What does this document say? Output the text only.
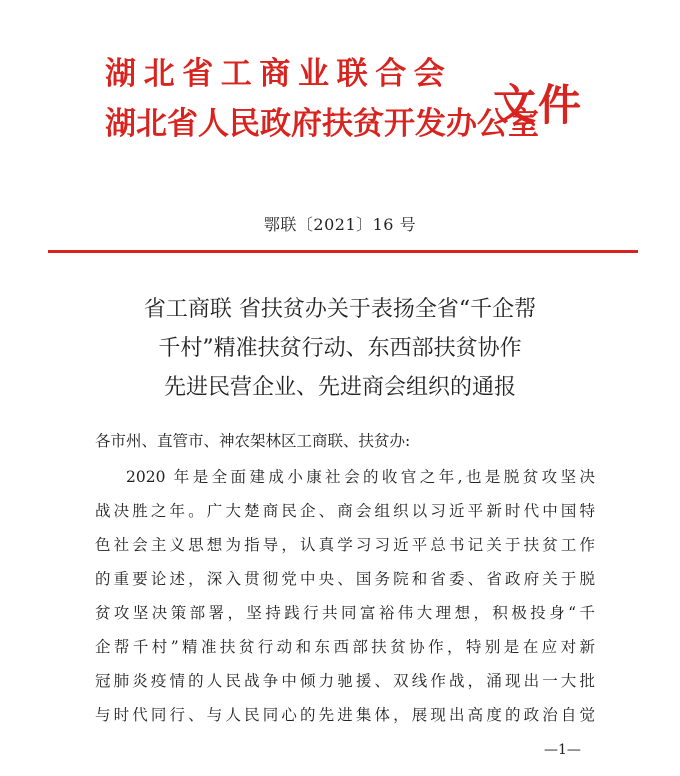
湖北省工商业联合会
湖北省人民政府扶贫开发办公室
文件
鄂联〔2021〕16 号
省工商联 省扶贫办关于表扬全省“千企帮
千村”精准扶贫行动、东西部扶贫协作
先进民营企业、先进商会组织的通报
各市州、直管市、神农架林区工商联、扶贫办:
2020 年是全面建成小康社会的收官之年,也是脱贫攻坚决
战决胜之年。广大楚商民企、商会组织以习近平新时代中国特
色社会主义思想为指导，认真学习习近平总书记关于扶贫工作
的重要论述，深入贯彻党中央、国务院和省委、省政府关于脱
贫攻坚决策部署，坚持践行共同富裕伟大理想，积极投身“千
企帮千村”精准扶贫行动和东西部扶贫协作，特别是在应对新
冠肺炎疫情的人民战争中倾力驰援、双线作战，涌现出一大批
与时代同行、与人民同心的先进集体，展现出高度的政治自觉
—1—
